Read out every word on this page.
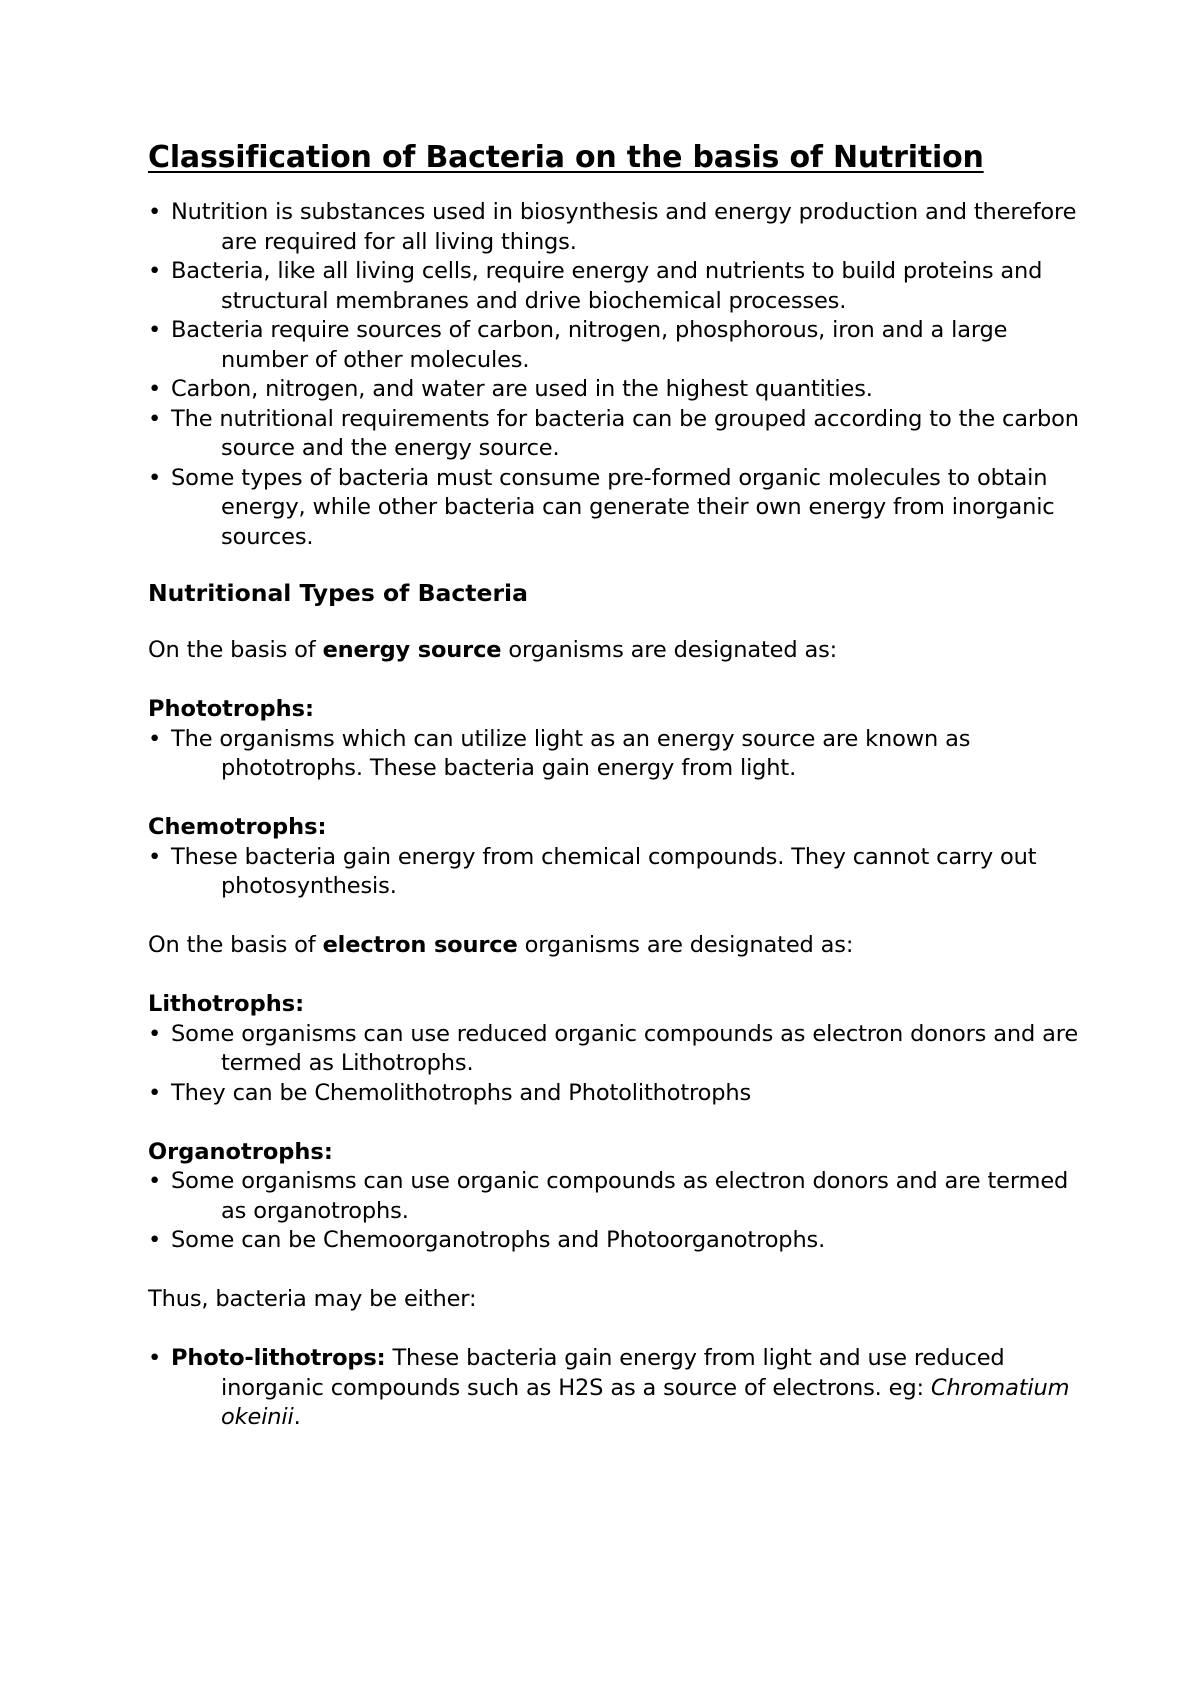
Classification of Bacteria on the basis of Nutrition
• Nutrition is substances used in biosynthesis and energy production and therefore are required for all living things.
• Bacteria, like all living cells, require energy and nutrients to build proteins and structural membranes and drive biochemical processes.
• Bacteria require sources of carbon, nitrogen, phosphorous, iron and a large number of other molecules.
• Carbon, nitrogen, and water are used in the highest quantities.
• The nutritional requirements for bacteria can be grouped according to the carbon source and the energy source.
• Some types of bacteria must consume pre-formed organic molecules to obtain energy, while other bacteria can generate their own energy from inorganic sources.
Nutritional Types of Bacteria

On the basis of energy source organisms are designated as:

Phototrophs:

• The organisms which can utilize light as an energy source are known as phototrophs. These bacteria gain energy from light.

Chemotrophs:

• These bacteria gain energy from chemical compounds. They cannot carry out photosynthesis.

On the basis of electron source organisms are designated as:

Lithotrophs:

• Some organisms can use reduced organic compounds as electron donors and are termed as Lithotrophs.
• They can be Chemolithotrophs and Photolithotrophs

Organotrophs:

• Some organisms can use organic compounds as electron donors and are termed as organotrophs.
• Some can be Chemoorganotrophs and Photoorganotrophs.

Thus, bacteria may be either:

• Photo-lithotrops: These bacteria gain energy from light and use reduced inorganic compounds such as H2S as a source of electrons. eg: Chromatium okeinii.
